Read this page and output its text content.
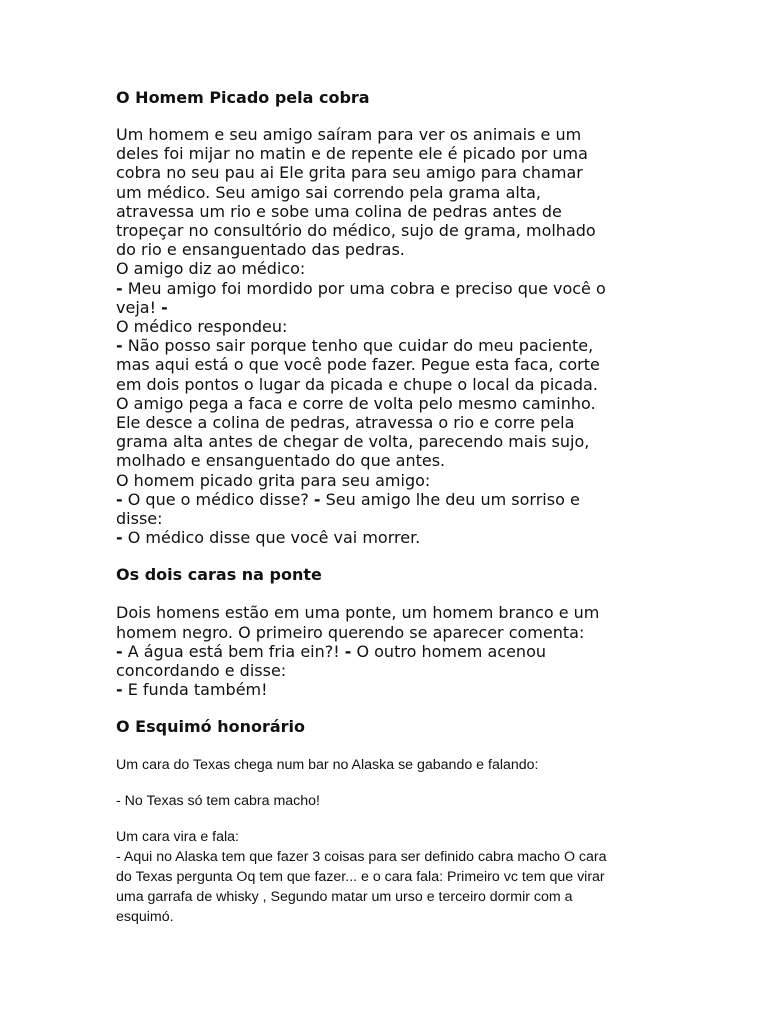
O Homem Picado pela cobra

Um homem e seu amigo saíram para ver os animais e um

deles foi mijar no matin e de repente ele é picado por uma

cobra no seu pau ai Ele grita para seu amigo para chamar

um médico. Seu amigo sai correndo pela grama alta,

atravessa um rio e sobe uma colina de pedras antes de

tropeçar no consultório do médico, sujo de grama, molhado

do rio e ensanguentado das pedras.

O amigo diz ao médico:

- Meu amigo foi mordido por uma cobra e preciso que você o

veja! -

O médico respondeu:

- Não posso sair porque tenho que cuidar do meu paciente,

mas aqui está o que você pode fazer. Pegue esta faca, corte

em dois pontos o lugar da picada e chupe o local da picada.

O amigo pega a faca e corre de volta pelo mesmo caminho.

Ele desce a colina de pedras, atravessa o rio e corre pela

grama alta antes de chegar de volta, parecendo mais sujo,

molhado e ensanguentado do que antes.

O homem picado grita para seu amigo:

- O que o médico disse? - Seu amigo lhe deu um sorriso e

disse:

- O médico disse que você vai morrer.

Os dois caras na ponte

Dois homens estão em uma ponte, um homem branco e um

homem negro. O primeiro querendo se aparecer comenta:

- A água está bem fria ein?! - O outro homem acenou

concordando e disse:

- E funda também!

O Esquimó honorário

Um cara do Texas chega num bar no Alaska se gabando e falando:

- No Texas só tem cabra macho!

Um cara vira e fala:

- Aqui no Alaska tem que fazer 3 coisas para ser definido cabra macho O cara

do Texas pergunta Oq tem que fazer... e o cara fala: Primeiro vc tem que virar

uma garrafa de whisky , Segundo matar um urso e terceiro dormir com a

esquimó.
